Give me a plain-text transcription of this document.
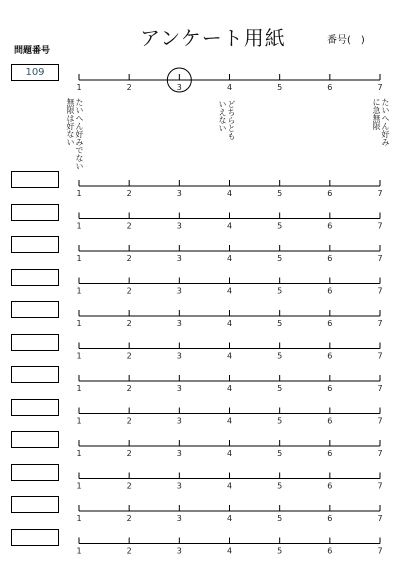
アンケート用紙	番号(　)
問題番号
109
1	2	3	4	5	6	7
1	2	3	4	5	6	7
1	2	3	4	5	6	7
1	2	3	4	5	6	7
1	2	3	4	5	6	7
1	2	3	4	5	6	7
1	2	3	4	5	6	7
1	2	3	4	5	6	7
1	2	3	4	5	6	7
1	2	3	4	5	6	7
1	2	3	4	5	6	7
1	2	3	4	5	6	7
1	2	3	4	5	6	7
たいへん好みでない
無限は好ない	どちらとも
いえない	たいへん好み
に急無限
